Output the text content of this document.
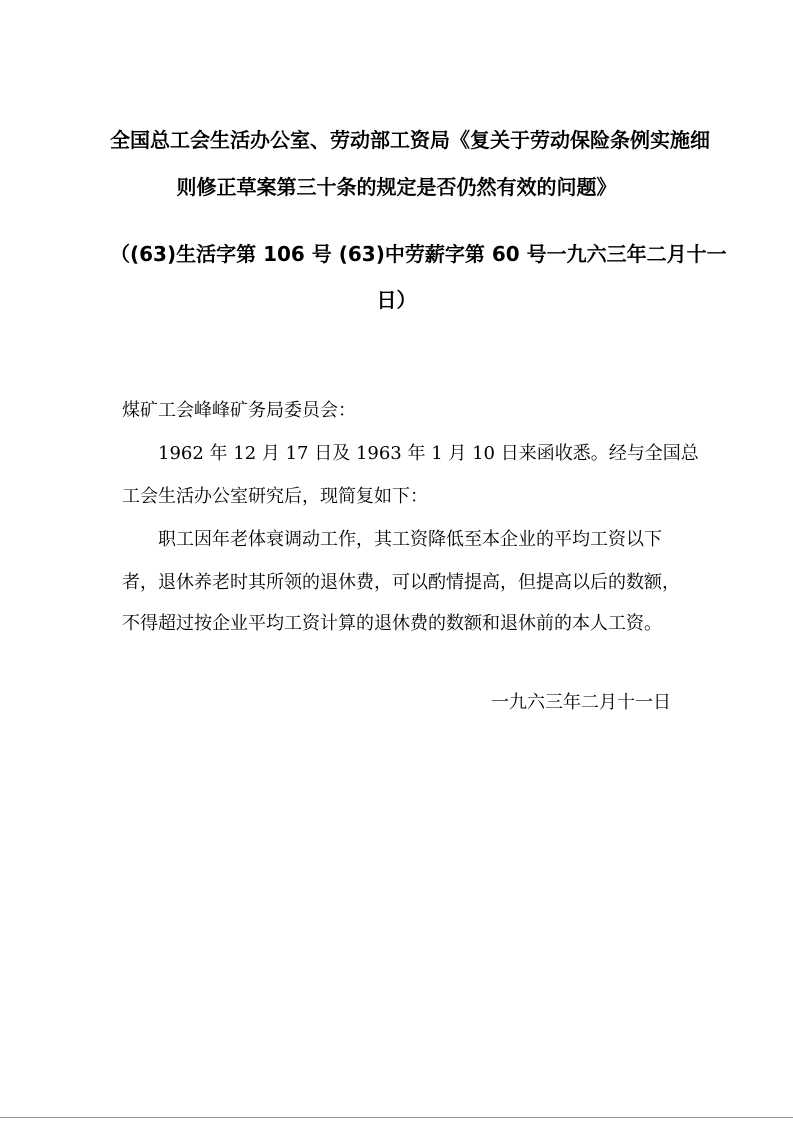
全国总工会生活办公室、劳动部工资局《复关于劳动保险条例实施细
则修正草案第三十条的规定是否仍然有效的问题》
（(63)生活字第 106 号 (63)中劳薪字第 60 号一九六三年二月十一
日）
煤矿工会峰峰矿务局委员会：
1962 年 12 月 17 日及 1963 年 1 月 10 日来函收悉。经与全国总
工会生活办公室研究后，现简复如下：
职工因年老体衰调动工作，其工资降低至本企业的平均工资以下
者，退休养老时其所领的退休费，可以酌情提高，但提高以后的数额，
不得超过按企业平均工资计算的退休费的数额和退休前的本人工资。
一九六三年二月十一日
